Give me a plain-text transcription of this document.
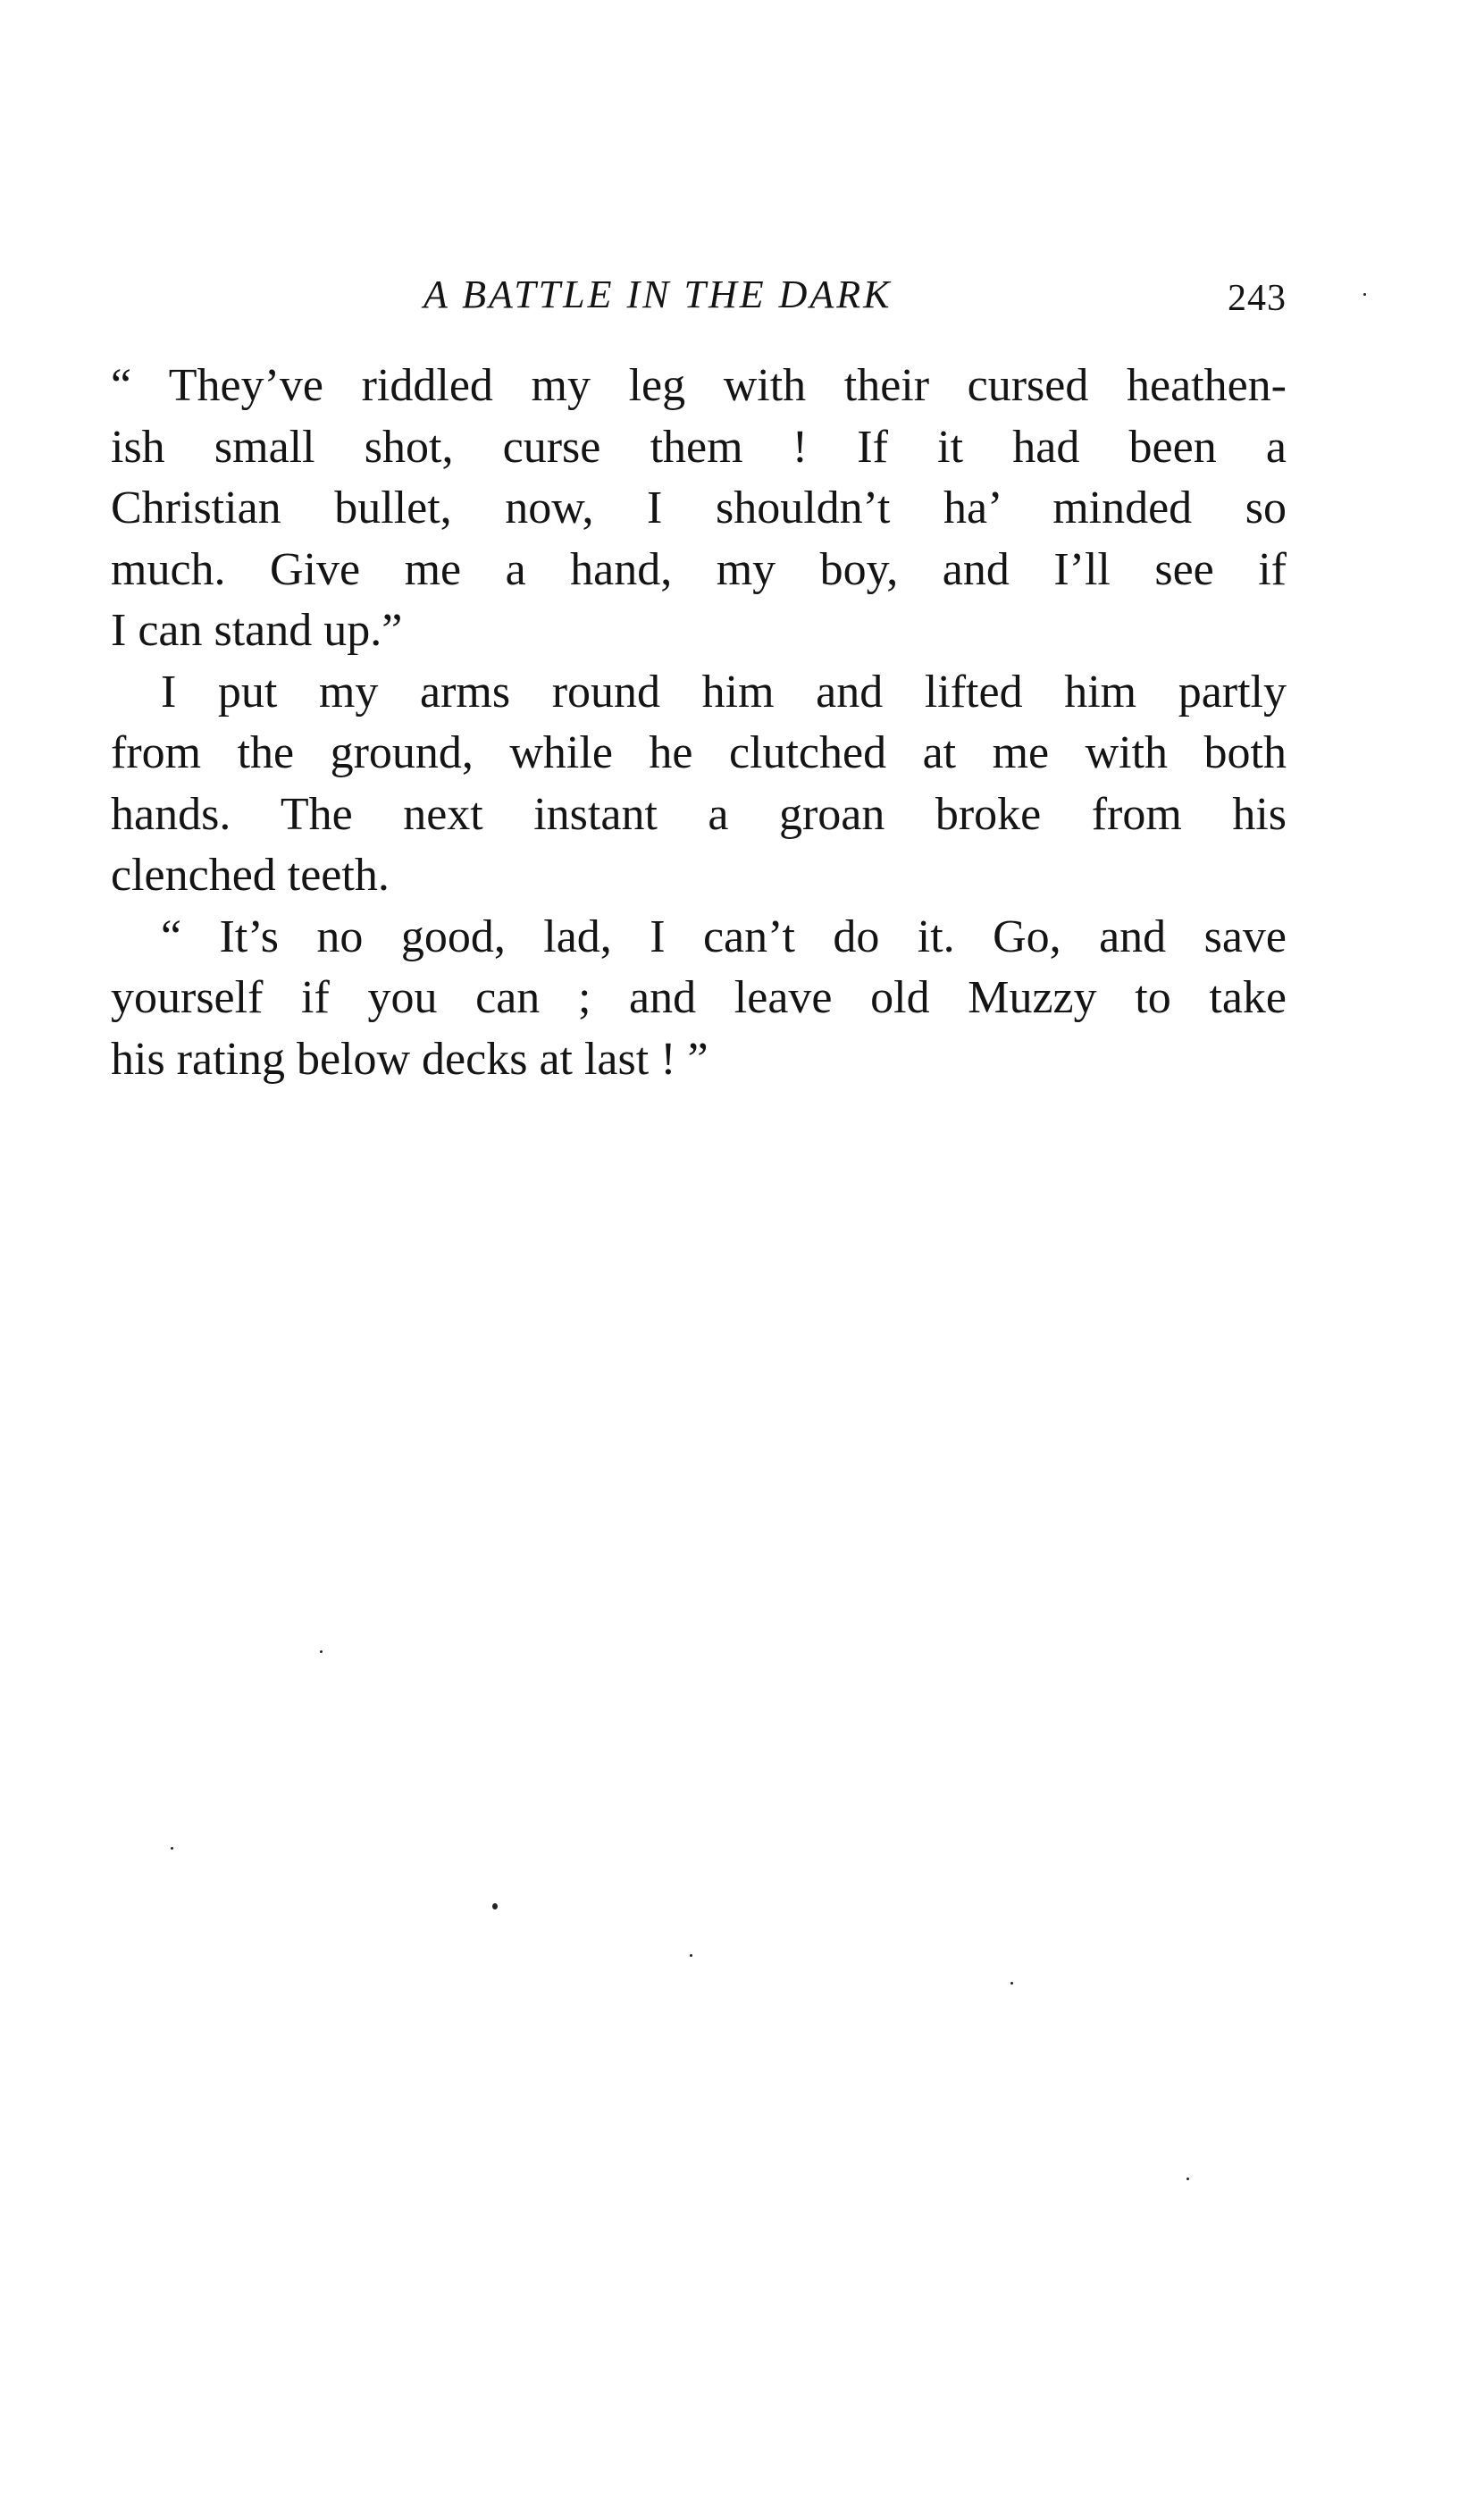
A BATTLE IN THE DARK	243
“ They’ve riddled my leg with their cursed heathen-
ish small shot, curse them ! If it had been a
Christian bullet, now, I shouldn’t ha’ minded so
much. Give me a hand, my boy, and I’ll see if
I can stand up.”
I put my arms round him and lifted him partly
from the ground, while he clutched at me with both
hands. The next instant a groan broke from his
clenched teeth.
“ It’s no good, lad, I can’t do it. Go, and save
yourself if you can ; and leave old Muzzy to take
his rating below decks at last ! ”
